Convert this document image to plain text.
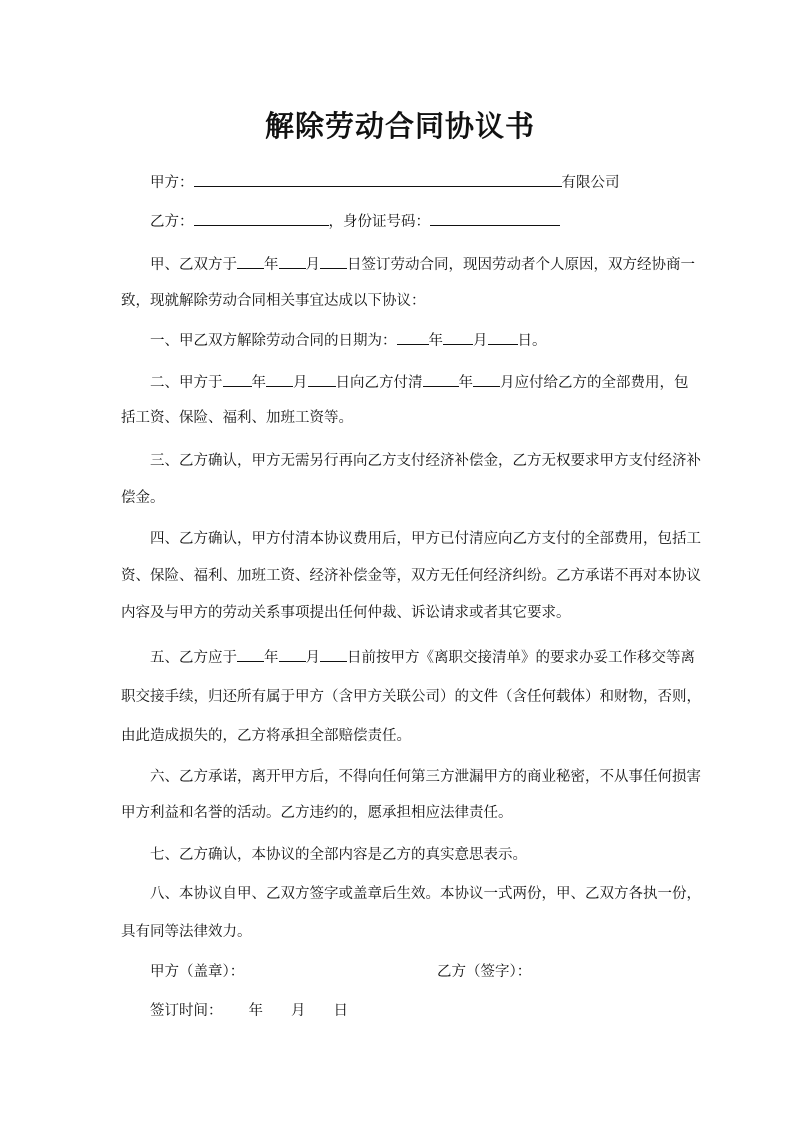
解除劳动合同协议书
甲方：	有限公司
乙方：	，身份证号码：
甲、乙双方于 年 月 日签订劳动合同，现因劳动者个人原因，双方经协商一
致，现就解除劳动合同相关事宜达成以下协议：
一、甲乙双方解除劳动合同的日期为： 年 月 日。
二、甲方于 年 月 日向乙方付清 年 月应付给乙方的全部费用，包
括工资、保险、福利、加班工资等。
三、乙方确认，甲方无需另行再向乙方支付经济补偿金，乙方无权要求甲方支付经济补
偿金。
四、乙方确认，甲方付清本协议费用后，甲方已付清应向乙方支付的全部费用，包括工
资、保险、福利、加班工资、经济补偿金等，双方无任何经济纠纷。乙方承诺不再对本协议
内容及与甲方的劳动关系事项提出任何仲裁、诉讼请求或者其它要求。
五、乙方应于 年 月 日前按甲方《离职交接清单》的要求办妥工作移交等离
职交接手续，归还所有属于甲方（含甲方关联公司）的文件（含任何载体）和财物，否则，
由此造成损失的，乙方将承担全部赔偿责任。
六、乙方承诺，离开甲方后，不得向任何第三方泄漏甲方的商业秘密，不从事任何损害
甲方利益和名誉的活动。乙方违约的，愿承担相应法律责任。
七、乙方确认，本协议的全部内容是乙方的真实意思表示。
八、本协议自甲、乙双方签字或盖章后生效。本协议一式两份，甲、乙双方各执一份，
具有同等法律效力。
甲方（盖章）：	乙方（签字）：
签订时间： 年 月 日
